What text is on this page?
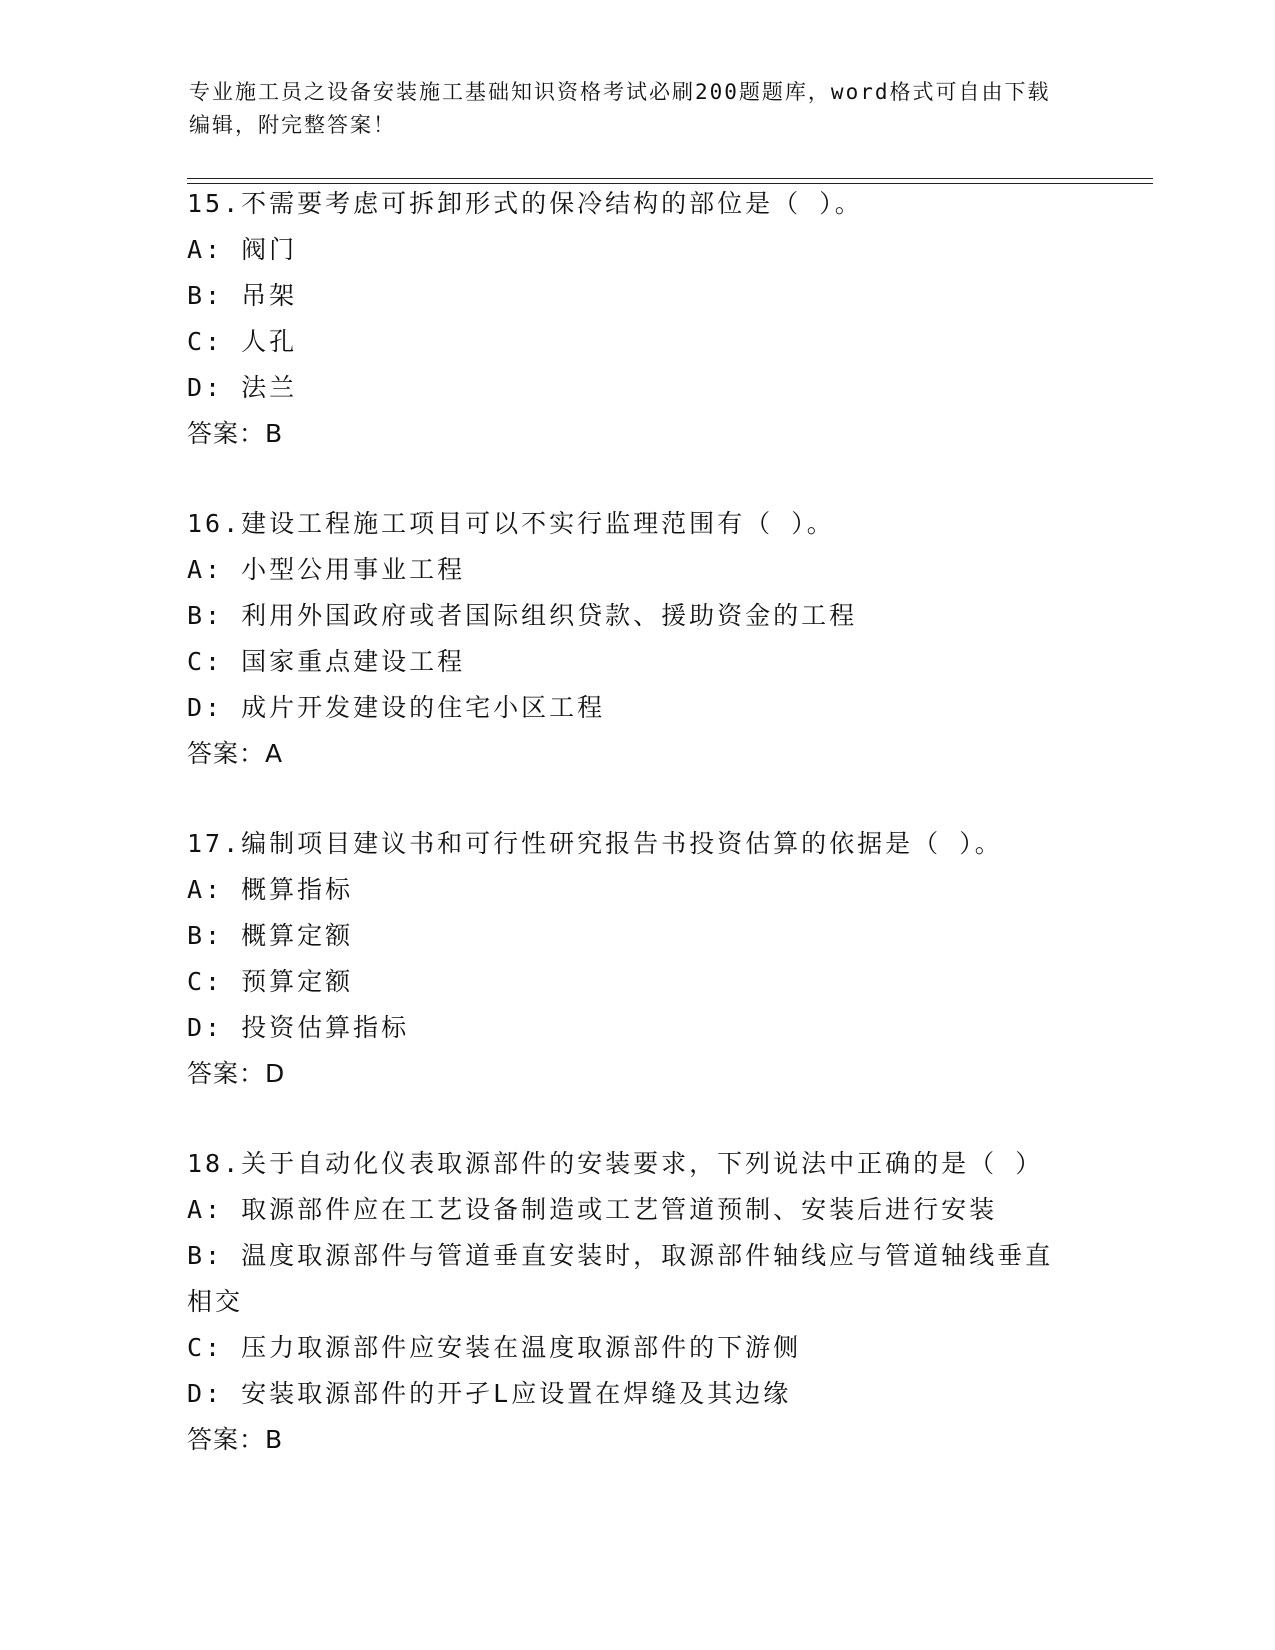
专业施工员之设备安装施工基础知识资格考试必刷200题题库，word格式可自由下载编辑，附完整答案！
15.不需要考虑可拆卸形式的保冷结构的部位是（ ）。
A: 阀门
B: 吊架
C: 人孔
D: 法兰
答案：B
16.建设工程施工项目可以不实行监理范围有（ ）。
A: 小型公用事业工程
B: 利用外国政府或者国际组织贷款、援助资金的工程
C: 国家重点建设工程
D: 成片开发建设的住宅小区工程
答案：A
17.编制项目建议书和可行性研究报告书投资估算的依据是（ ）。
A: 概算指标
B: 概算定额
C: 预算定额
D: 投资估算指标
答案：D
18.关于自动化仪表取源部件的安装要求，下列说法中正确的是（ ）
A: 取源部件应在工艺设备制造或工艺管道预制、安装后进行安装
B: 温度取源部件与管道垂直安装时，取源部件轴线应与管道轴线垂直相交
C: 压力取源部件应安装在温度取源部件的下游侧
D: 安装取源部件的开孑L应设置在焊缝及其边缘
答案：B
